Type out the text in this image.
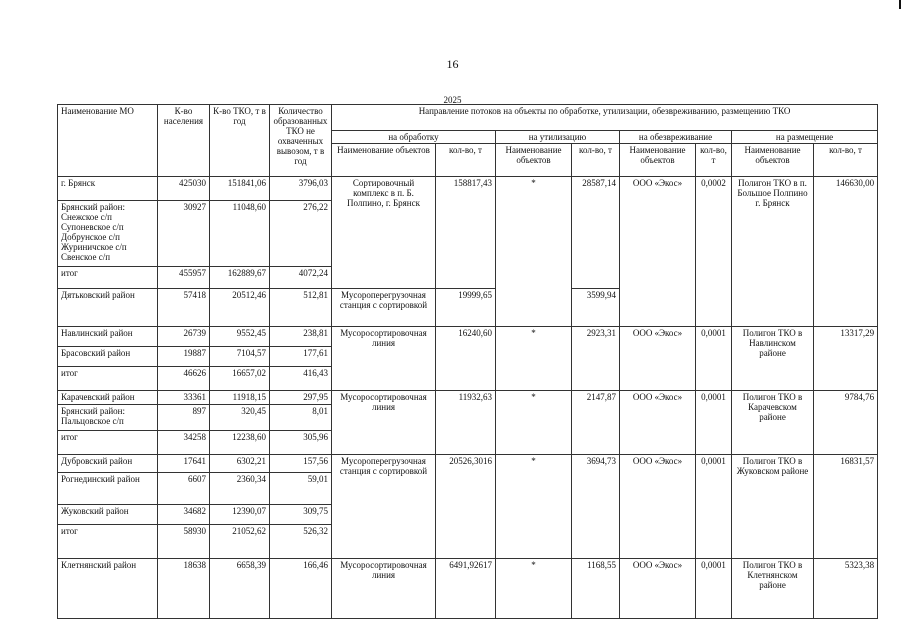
16
2025
Наименование МО	К-во населения	К-во ТКО, т в год	Количество образованных ТКО не охваченных вывозом, т в год	Направление потоков на объекты по обработке, утилизации, обезвреживанию, размещению ТКО							
				на обработку		на утилизацию		на обезвреживание		на размещение	
				Наименование объектов	кол-во, т	Наименование объектов	кол-во, т	Наименование объектов	кол-во, т	Наименование объектов	кол-во, т
г. Брянск	425030	151841,06	3796,03	Сортировочный комплекс в п. Б. Полпино, г. Брянск	158817,43	*	28587,14	ООО «Экос»	0,0002	Полигон ТКО в п. Большое Полпино г. Брянск	146630,00
Брянский район: Снежское с/п Супоневское с/п Добрунское с/п Журиничское с/п Свенское с/п	30927	11048,60	276,22								
итог	455957	162889,67	4072,24								
Дятьковский район	57418	20512,46	512,81	Мусороперегрузочная станция с сортировкой	19999,65		3599,94				
Навлинский район	26739	9552,45	238,81	Мусоросортировочная линия	16240,60	*	2923,31	ООО «Экос»	0,0001	Полигон ТКО в Навлинском районе	13317,29
Брасовский район	19887	7104,57	177,61								
итог	46626	16657,02	416,43								
Карачевский район	33361	11918,15	297,95	Мусоросортировочная линия	11932,63	*	2147,87	ООО «Экос»	0,0001	Полигон ТКО в Карачевском районе	9784,76
Брянский район: Пальцовское с/п	897	320,45	8,01								
итог	34258	12238,60	305,96								
Дубровский район	17641	6302,21	157,56	Мусороперегрузочная станция с сортировкой	20526,3016	*	3694,73	ООО «Экос»	0,0001	Полигон ТКО в Жуковском районе	16831,57
Рогнединский район	6607	2360,34	59,01								
Жуковский район	34682	12390,07	309,75								
итог	58930	21052,62	526,32								
Клетнянский район	18638	6658,39	166,46	Мусоросортировочная линия	6491,92617	*	1168,55	ООО «Экос»	0,0001	Полигон ТКО в Клетнянском районе	5323,38
